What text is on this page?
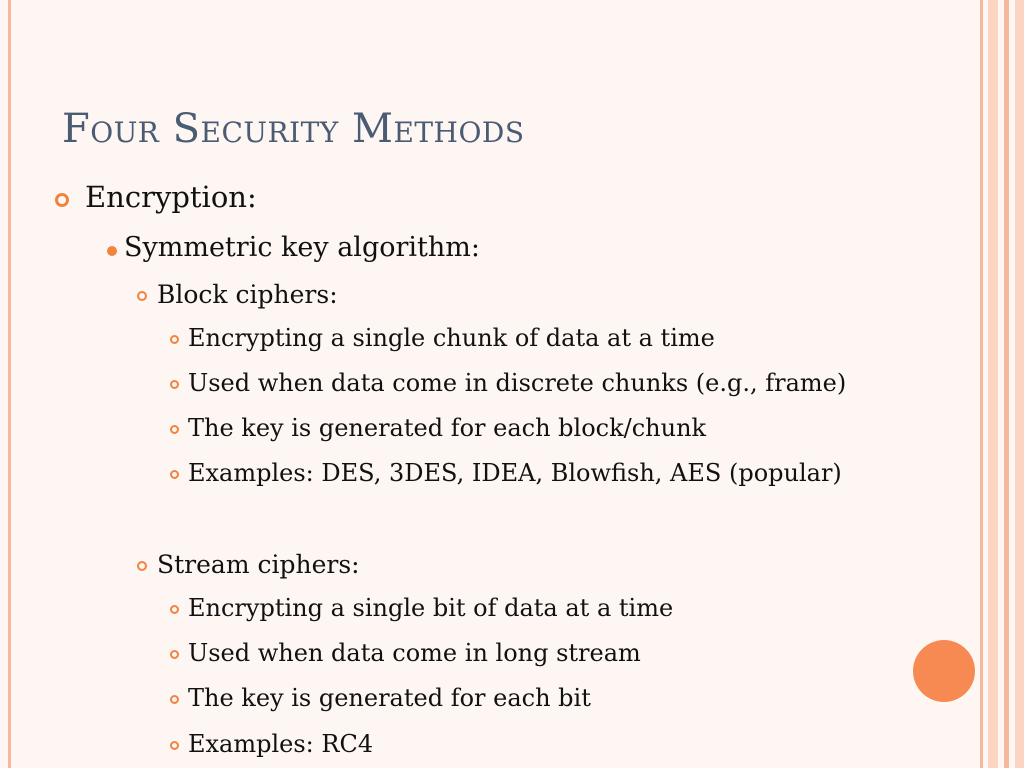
Four Security Methods
Encryption:
Symmetric key algorithm:
Block ciphers:
Encrypting a single chunk of data at a time
Used when data come in discrete chunks (e.g., frame)
The key is generated for each block/chunk
Examples: DES, 3DES, IDEA, Blowfish, AES (popular)
Stream ciphers:
Encrypting a single bit of data at a time
Used when data come in long stream
The key is generated for each bit
Examples: RC4
